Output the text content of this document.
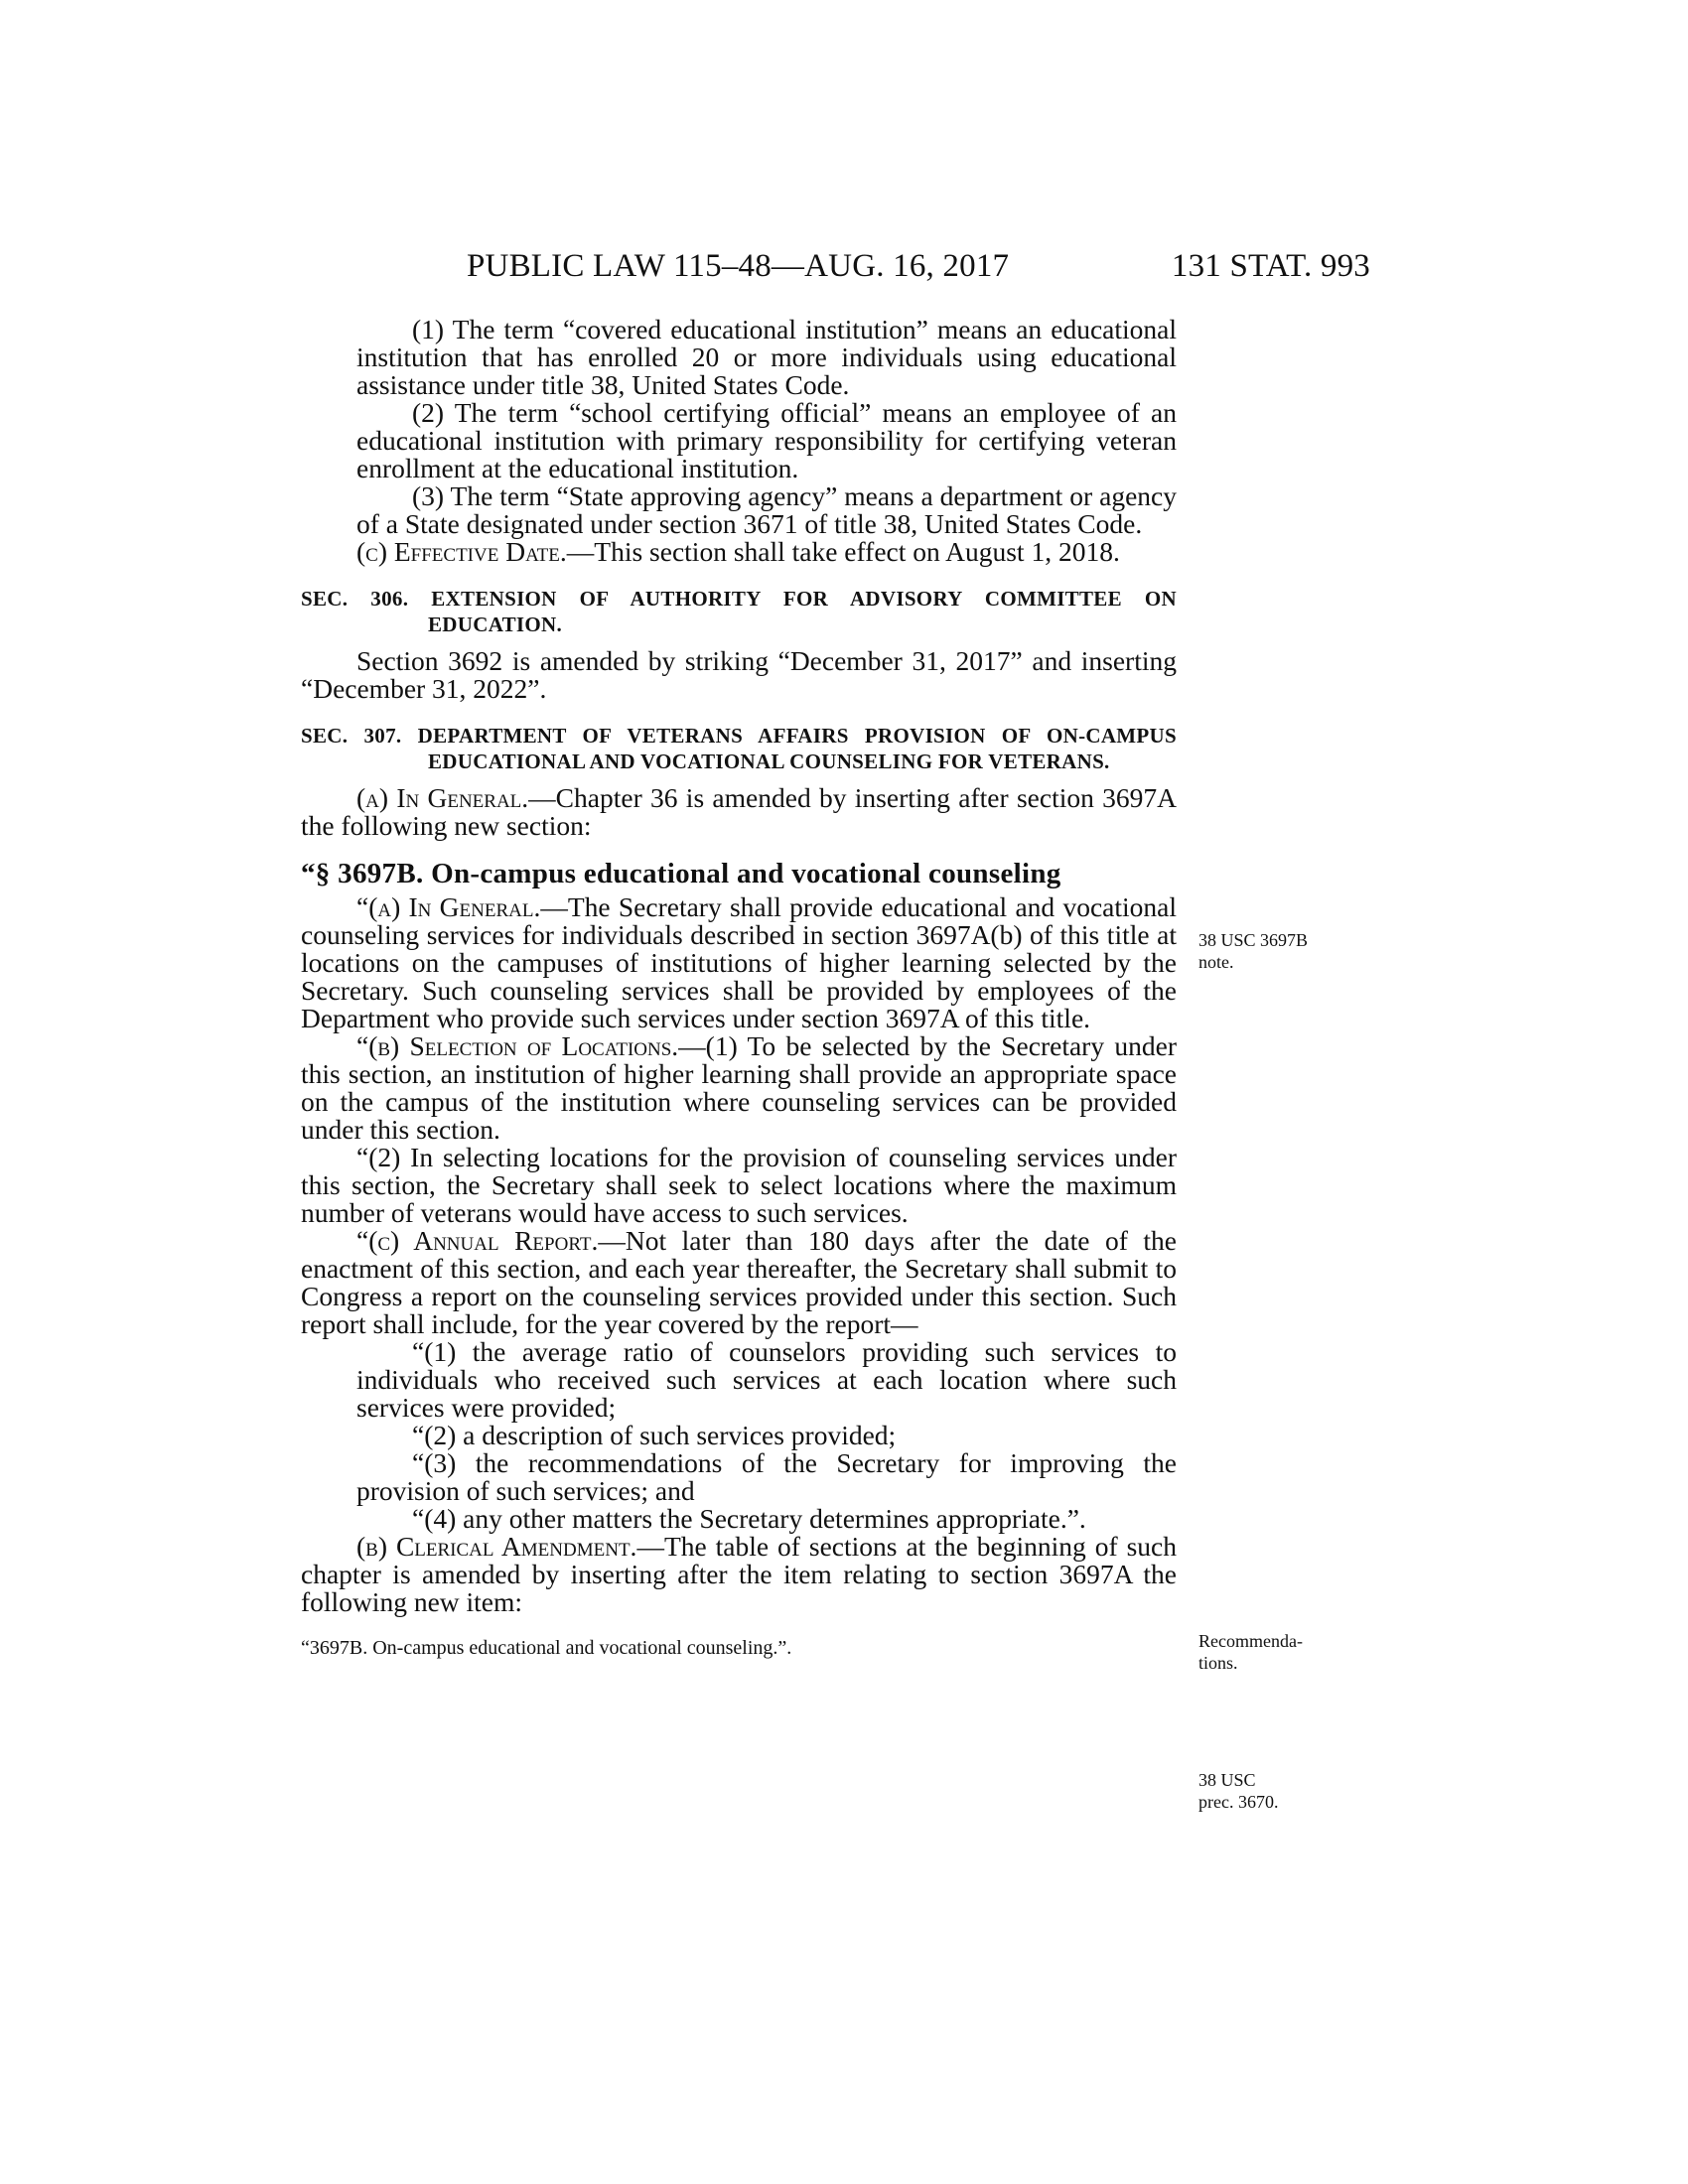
PUBLIC LAW 115–48—AUG. 16, 2017	131 STAT. 993

(1) The term “covered educational institution” means an educational institution that has enrolled 20 or more individuals using educational assistance under title 38, United States Code.

(2) The term “school certifying official” means an employee of an educational institution with primary responsibility for certifying veteran enrollment at the educational institution.

(3) The term “State approving agency” means a department or agency of a State designated under section 3671 of title 38, United States Code.

(c) Effective Date.—This section shall take effect on August 1, 2018.

SEC. 306. EXTENSION OF AUTHORITY FOR ADVISORY COMMITTEE ON EDUCATION.

Section 3692 is amended by striking “December 31, 2017” and inserting “December 31, 2022”.

SEC. 307. DEPARTMENT OF VETERANS AFFAIRS PROVISION OF ON-CAMPUS EDUCATIONAL AND VOCATIONAL COUNSELING FOR VETERANS.

(a) In General.—Chapter 36 is amended by inserting after section 3697A the following new section:

“§ 3697B. On-campus educational and vocational counseling

“(a) In General.—The Secretary shall provide educational and vocational counseling services for individuals described in section 3697A(b) of this title at locations on the campuses of institutions of higher learning selected by the Secretary. Such counseling services shall be provided by employees of the Department who provide such services under section 3697A of this title.

“(b) Selection of Locations.—(1) To be selected by the Secretary under this section, an institution of higher learning shall provide an appropriate space on the campus of the institution where counseling services can be provided under this section.

“(2) In selecting locations for the provision of counseling services under this section, the Secretary shall seek to select locations where the maximum number of veterans would have access to such services.

“(c) Annual Report.—Not later than 180 days after the date of the enactment of this section, and each year thereafter, the Secretary shall submit to Congress a report on the counseling services provided under this section. Such report shall include, for the year covered by the report—

“(1) the average ratio of counselors providing such services to individuals who received such services at each location where such services were provided;

“(2) a description of such services provided;

“(3) the recommendations of the Secretary for improving the provision of such services; and

“(4) any other matters the Secretary determines appropriate.”.

(b) Clerical Amendment.—The table of sections at the beginning of such chapter is amended by inserting after the item relating to section 3697A the following new item:

“3697B. On-campus educational and vocational counseling.”.

38 USC 3697B
note.
Recommenda-
tions.
38 USC
prec. 3670.
